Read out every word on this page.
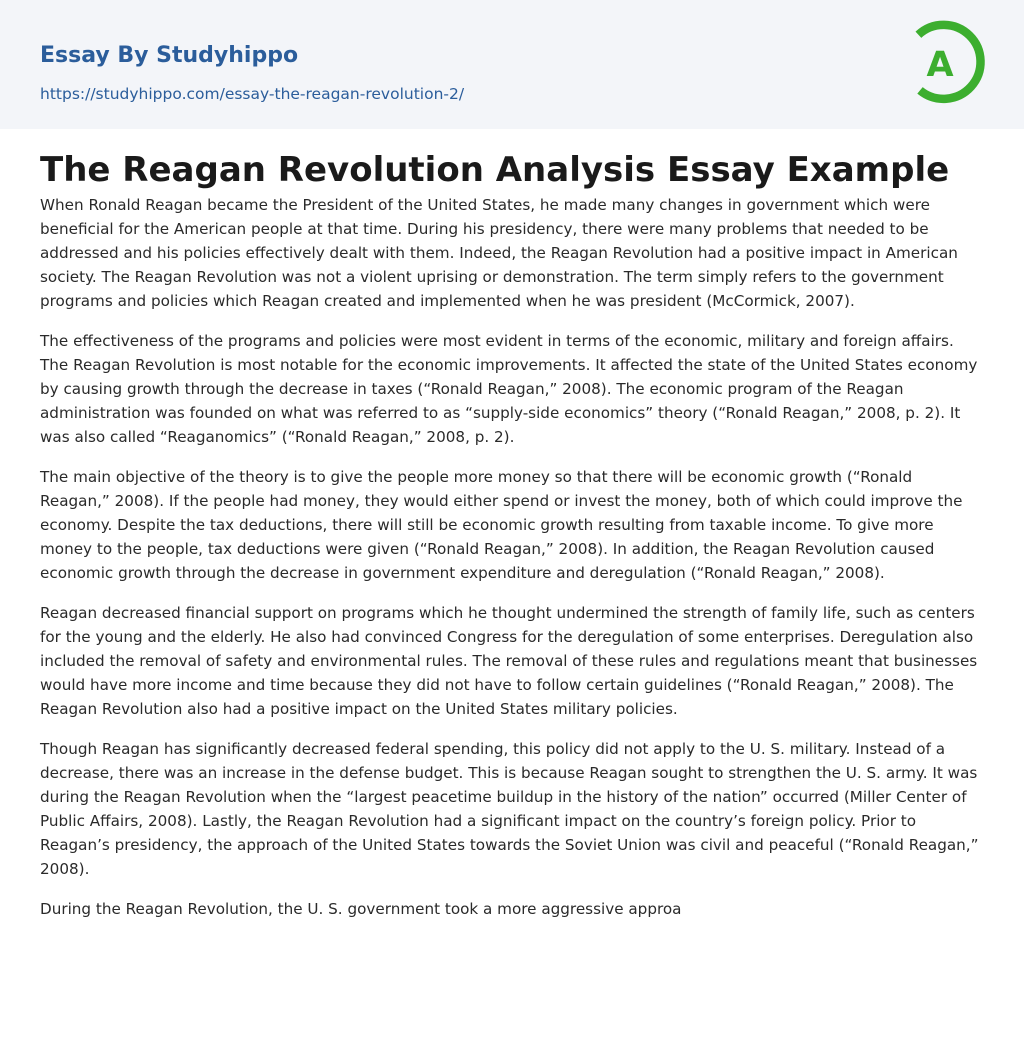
Essay By Studyhippo
https://studyhippo.com/essay-the-reagan-revolution-2/
A
The Reagan Revolution Analysis Essay Example

When Ronald Reagan became the President of the United States, he made many changes in government which were beneficial for the American people at that time. During his presidency, there were many problems that needed to be addressed and his policies effectively dealt with them. Indeed, the Reagan Revolution had a positive impact in American society. The Reagan Revolution was not a violent uprising or demonstration. The term simply refers to the government programs and policies which Reagan created and implemented when he was president (McCormick, 2007).

The effectiveness of the programs and policies were most evident in terms of the economic, military and foreign affairs. The Reagan Revolution is most notable for the economic improvements. It affected the state of the United States economy by causing growth through the decrease in taxes (“Ronald Reagan,” 2008). The economic program of the Reagan administration was founded on what was referred to as “supply-side economics” theory (“Ronald Reagan,” 2008, p. 2). It was also called “Reaganomics” (“Ronald Reagan,” 2008, p. 2).

The main objective of the theory is to give the people more money so that there will be economic growth (“Ronald Reagan,” 2008). If the people had money, they would either spend or invest the money, both of which could improve the economy. Despite the tax deductions, there will still be economic growth resulting from taxable income. To give more money to the people, tax deductions were given (“Ronald Reagan,” 2008). In addition, the Reagan Revolution caused economic growth through the decrease in government expenditure and deregulation (“Ronald Reagan,” 2008).

Reagan decreased financial support on programs which he thought undermined the strength of family life, such as centers for the young and the elderly. He also had convinced Congress for the deregulation of some enterprises. Deregulation also included the removal of safety and environmental rules. The removal of these rules and regulations meant that businesses would have more income and time because they did not have to follow certain guidelines (“Ronald Reagan,” 2008). The Reagan Revolution also had a positive impact on the United States military policies.

Though Reagan has significantly decreased federal spending, this policy did not apply to the U. S. military. Instead of a decrease, there was an increase in the defense budget. This is because Reagan sought to strengthen the U. S. army. It was during the Reagan Revolution when the “largest peacetime buildup in the history of the nation” occurred (Miller Center of Public Affairs, 2008). Lastly, the Reagan Revolution had a significant impact on the country’s foreign policy. Prior to Reagan’s presidency, the approach of the United States towards the Soviet Union was civil and peaceful (“Ronald Reagan,” 2008).

During the Reagan Revolution, the U. S. government took a more aggressive approa
